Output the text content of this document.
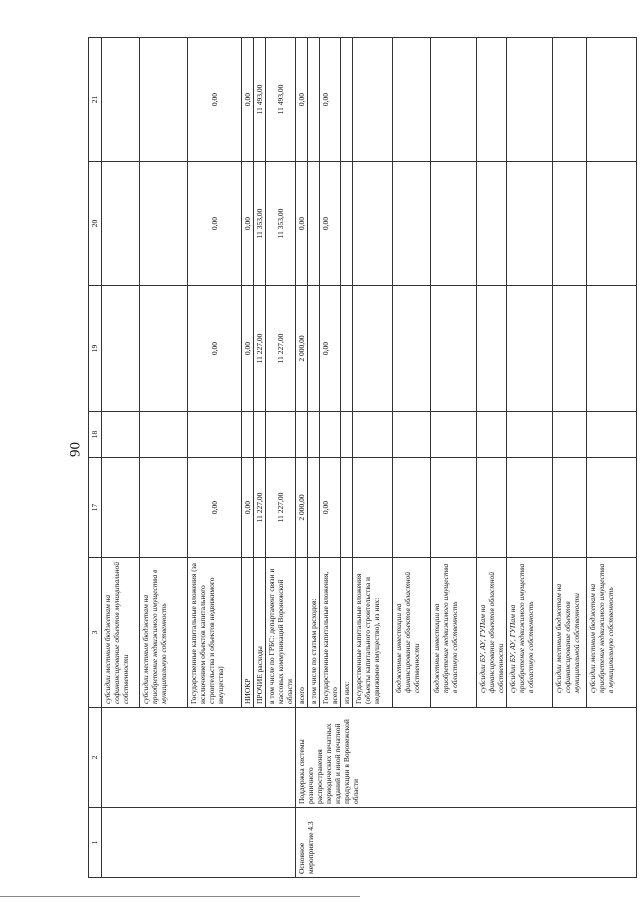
90
1	2	3	17	18	19	20	21
		субсидии местным бюджетам на софинансирование объектов муниципальной собственности					
		субсидии местным бюджетам на приобретение недвижимого имущества в муниципальную собственность					
		Государственные капитальные вложения (за исключением объектов капитального строительства и объектов недвижимого имущества)	0,00		0,00	0,00	0,00
		НИОКР	0,00		0,00	0,00	0,00
		ПРОЧИЕ расходы	11 227,00		11 227,00	11 353,00	11 493,00
		в том числе по ГРБС: департамент связи и массовых коммуникаций Воронежской области	11 227,00		11 227,00	11 353,00	11 493,00
Основное мероприятие 4.3	Поддержка системы розничного распространения периодических печатных изданий и иной печатной продукции в Воронежской области	всего	2 000,00		2 000,00	0,00	0,00
		в том числе по статьям расходов:					
		Государственные капитальные вложения, всего	0,00		0,00	0,00	0,00
		из них:					
		Государственные капитальные вложения (объекты капитального строительства и недвижимое имущество), из них:					
		бюджетные инвестиции на финансирование объектов областной собственности					
		бюджетные инвестиции на приобретение недвижимого имущества в областную собственность					
		субсидии БУ, АУ, ГУПам на финансирование объектов областной собственности					
		субсидии БУ, АУ, ГУПам на приобретение недвижимого имущества в областную собственность					
		субсидии местным бюджетам на софинансирование объектов муниципальной собственности					
		субсидии местным бюджетам на приобретение недвижимого имущества в муниципальную собственность					
